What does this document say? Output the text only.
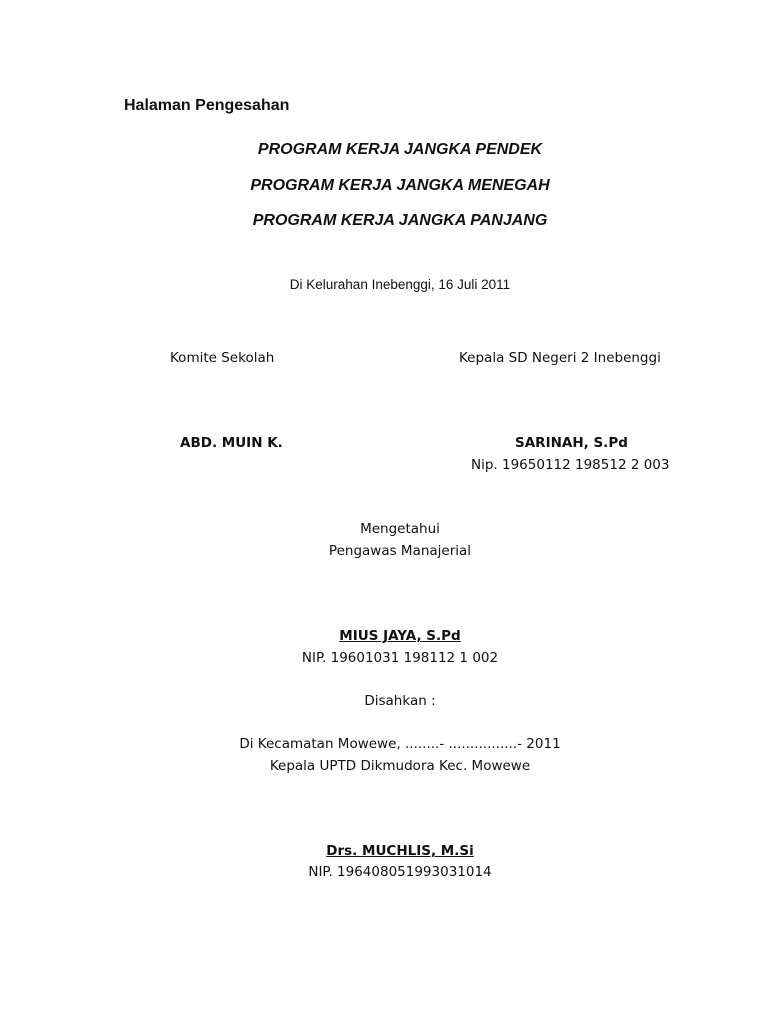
Halaman Pengesahan
PROGRAM KERJA JANGKA PENDEK
PROGRAM KERJA JANGKA MENEGAH
PROGRAM KERJA JANGKA PANJANG
Di Kelurahan Inebenggi, 16 Juli 2011
Komite Sekolah
ABD. MUIN K.
Kepala SD Negeri 2 Inebenggi
SARINAH, S.Pd
Nip. 19650112 198512 2 003
Mengetahui
Pengawas Manajerial
MIUS JAYA, S.Pd
NIP. 19601031 198112 1 002
Disahkan :
Di Kecamatan Mowewe, ........- ................- 2011
Kepala UPTD Dikmudora Kec. Mowewe
Drs. MUCHLIS, M.Si
NIP. 196408051993031014
